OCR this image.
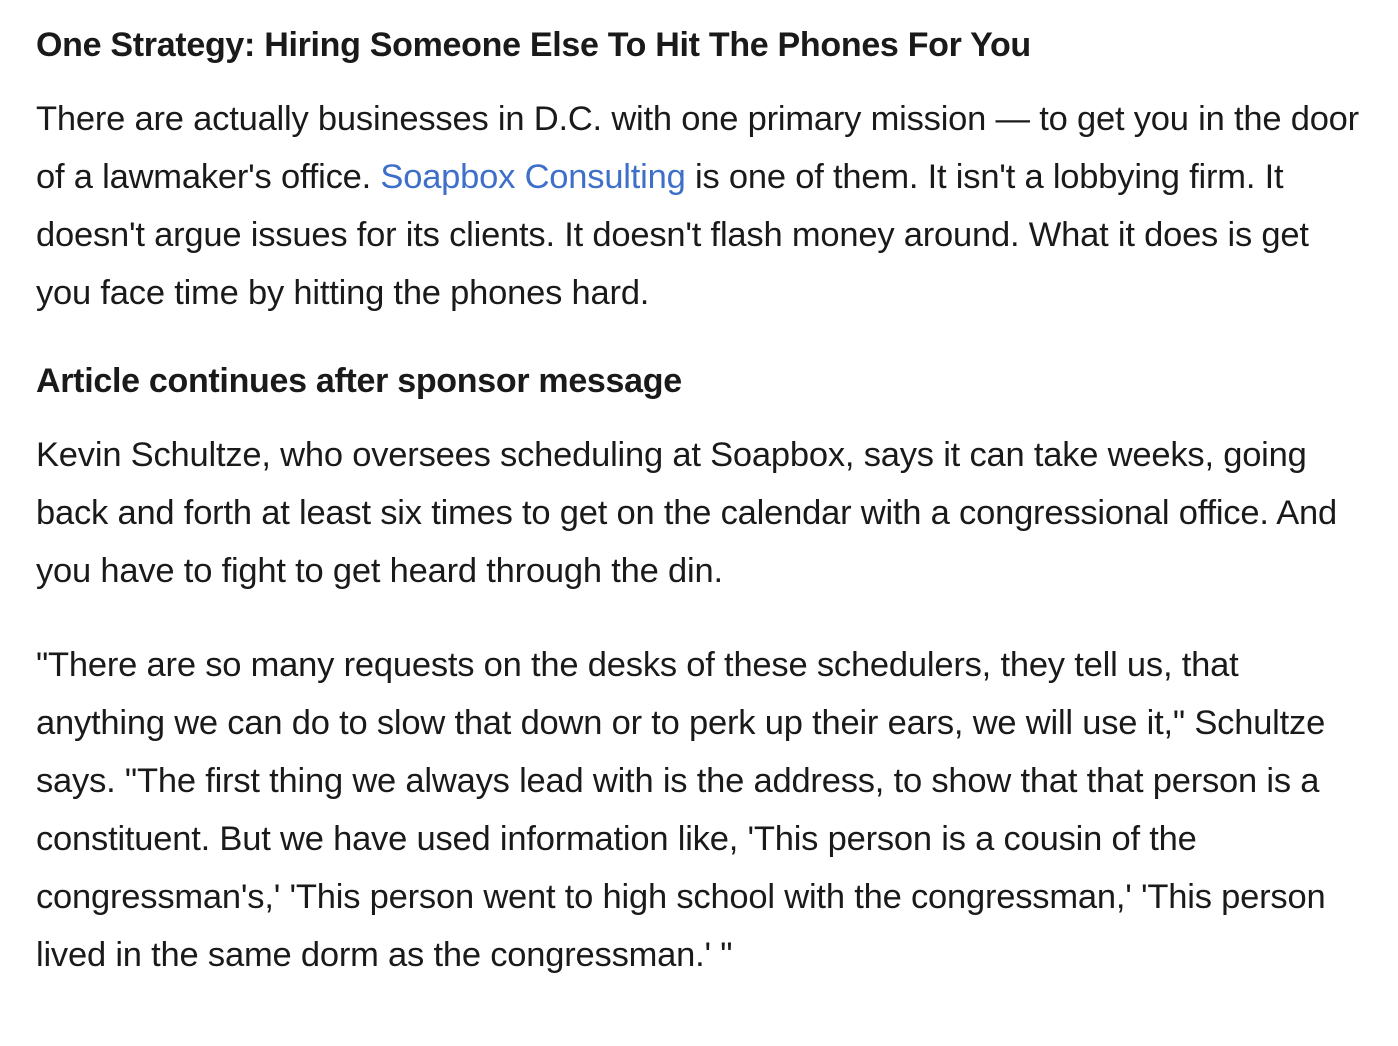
One Strategy: Hiring Someone Else To Hit The Phones For You

There are actually businesses in D.C. with one primary mission — to get you in the door of a lawmaker's office. Soapbox Consulting is one of them. It isn't a lobbying firm. It doesn't argue issues for its clients. It doesn't flash money around. What it does is get you face time by hitting the phones hard.

Article continues after sponsor message

Kevin Schultze, who oversees scheduling at Soapbox, says it can take weeks, going back and forth at least six times to get on the calendar with a congressional office. And you have to fight to get heard through the din.

"There are so many requests on the desks of these schedulers, they tell us, that anything we can do to slow that down or to perk up their ears, we will use it," Schultze says. "The first thing we always lead with is the address, to show that that person is a constituent. But we have used information like, 'This person is a cousin of the congressman's,' 'This person went to high school with the congressman,' 'This person lived in the same dorm as the congressman.' "
